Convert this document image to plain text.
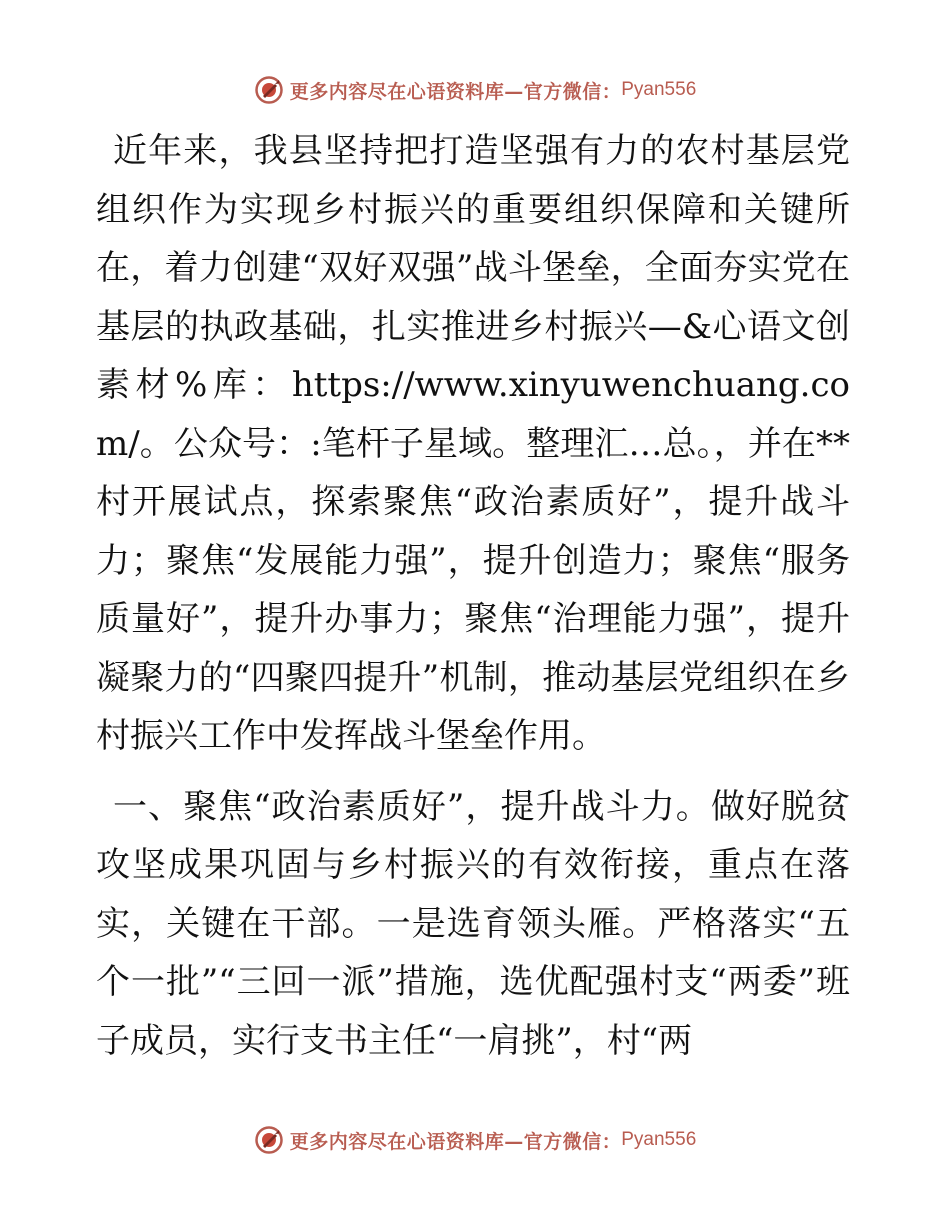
更多内容尽在心语资料库—官方微信： Pyan556

近年来，我县坚持把打造坚强有力的农村基层党组织作为实现乡村振兴的重要组织保障和关键所在，着力创建“双好双强”战斗堡垒，全面夯实党在基层的执政基础，扎实推进乡村振兴—&心语文创素材%库：https://www.xinyuwenchuang.com/。公众号：:笔杆子星域。整理汇…总。，并在**村开展试点，探索聚焦“政治素质好”，提升战斗力；聚焦“发展能力强”，提升创造力；聚焦“服务质量好”，提升办事力；聚焦“治理能力强”，提升凝聚力的“四聚四提升”机制，推动基层党组织在乡村振兴工作中发挥战斗堡垒作用。

一、聚焦“政治素质好”，提升战斗力。做好脱贫攻坚成果巩固与乡村振兴的有效衔接，重点在落实，关键在干部。一是选育领头雁。严格落实“五个一批”“三回一派”措施，选优配强村支“两委”班子成员，实行支书主任“一肩挑”，村“两

更多内容尽在心语资料库—官方微信： Pyan556
